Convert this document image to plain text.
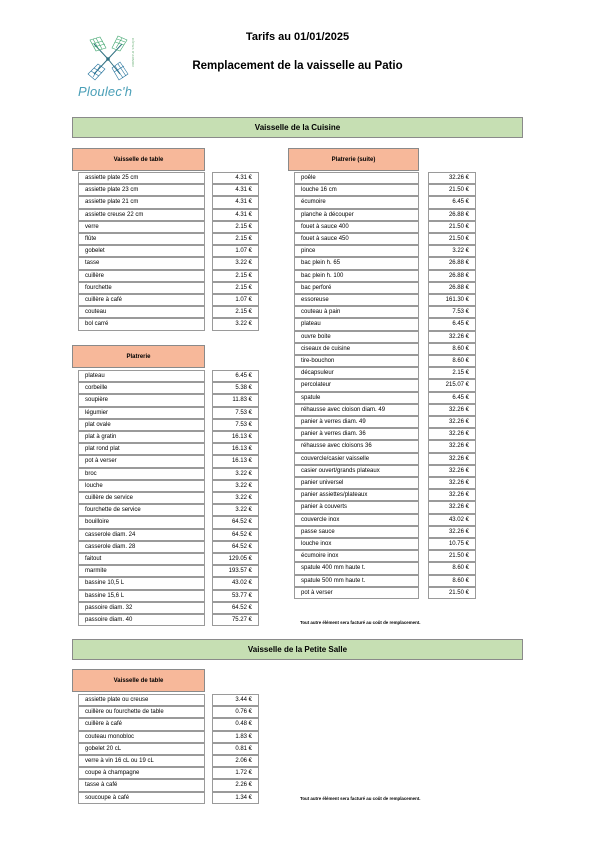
Ploulec'h
CÔTES D'ARMOR
Tarifs au 01/01/2025
Remplacement de la vaisselle au Patio
Vaisselle de la Cuisine
Vaisselle de la Petite Salle
Vaisselle de table
Platrerie
Platrerie (suite)
Vaisselle de table
assiette plate 25 cm	4.31 €
assiette plate 23 cm	4.31 €
assiette plate 21 cm	4.31 €
assiette creuse 22 cm	4.31 €
verre	2.15 €
flûte	2.15 €
gobelet	1.07 €
tasse	3.22 €
cuillère	2.15 €
fourchette	2.15 €
cuillère à café	1.07 €
couteau	2.15 €
bol carré	3.22 €
plateau	6.45 €
corbeille	5.38 €
soupière	11.83 €
légumier	7.53 €
plat ovale	7.53 €
plat à gratin	16.13 €
plat rond plat	16.13 €
pot à verser	16.13 €
broc	3.22 €
louche	3.22 €
cuillère de service	3.22 €
fourchette de service	3.22 €
bouilloire	64.52 €
casserole diam. 24	64.52 €
casserole diam. 28	64.52 €
faitout	129.05 €
marmite	193.57 €
bassine 10,5 L	43.02 €
bassine 15,6 L	53.77 €
passoire diam. 32	64.52 €
passoire diam. 40	75.27 €
poêle	32.26 €
louche 16 cm	21.50 €
écumoire	6.45 €
planche à découper	26.88 €
fouet à sauce 400	21.50 €
fouet à sauce 450	21.50 €
pince	3.22 €
bac plein h. 65	26.88 €
bac plein h. 100	26.88 €
bac perforé	26.88 €
essoreuse	161.30 €
couteau à pain	7.53 €
plateau	6.45 €
ouvre boite	32.26 €
ciseaux de cuisine	8.60 €
tire-bouchon	8.60 €
décapsuleur	2.15 €
percolateur	215.07 €
spatule	6.45 €
réhausse avec cloison diam. 49	32.26 €
panier à verres diam. 49	32.26 €
panier à verres diam. 36	32.26 €
réhausse avec cloisons 36	32.26 €
couvercle/casier vaisselle	32.26 €
casier ouvert/grands plateaux	32.26 €
panier universel	32.26 €
panier assiettes/plateaux	32.26 €
panier à couverts	32.26 €
couvercle inox	43.02 €
passe sauce	32.26 €
louche inox	10.75 €
écumoire inox	21.50 €
spatule 400 mm haute t.	8.60 €
spatule 500 mm haute t.	8.60 €
pot à verser	21.50 €
assiette plate ou creuse	3.44 €
cuillère ou fourchette de table	0.76 €
cuillère à café	0.48 €
couteau monobloc	1.83 €
gobelet 20 cL	0.81 €
verre à vin 16 cL ou 19 cL	2.06 €
coupe à champagne	1.72 €
tasse à café	2.26 €
soucoupe à café	1.34 €
Tout autre élément sera facturé au coût de remplacement.
Tout autre élément sera facturé au coût de remplacement.
